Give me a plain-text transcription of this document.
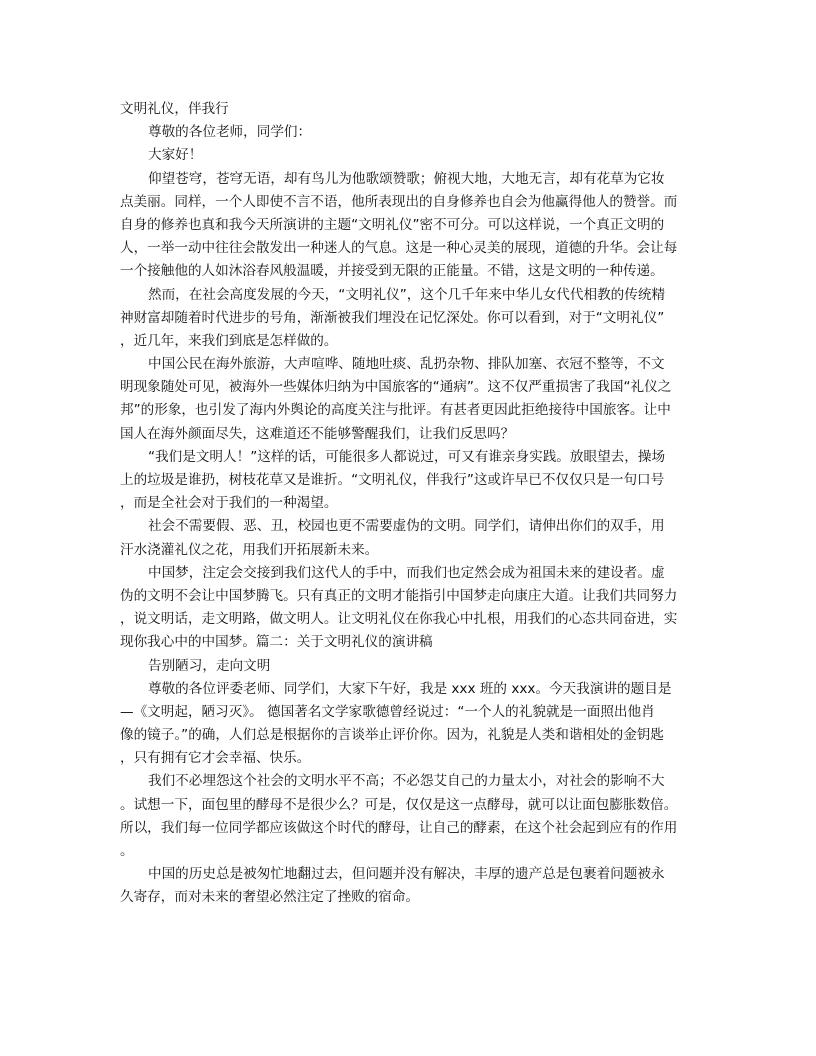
文明礼仪，伴我行
尊敬的各位老师，同学们：
大家好！
仰望苍穹，苍穹无语，却有鸟儿为他歌颂赞歌；俯视大地，大地无言，却有花草为它妆
点美丽。同样，一个人即使不言不语，他所表现出的自身修养也自会为他赢得他人的赞誉。而
自身的修养也真和我今天所演讲的主题“文明礼仪”密不可分。可以这样说，一个真正文明的
人，一举一动中往往会散发出一种迷人的气息。这是一种心灵美的展现，道德的升华。会让每
一个接触他的人如沐浴春风般温暖，并接受到无限的正能量。不错，这是文明的一种传递。
然而，在社会高度发展的今天，“文明礼仪”，这个几千年来中华儿女代代相教的传统精
神财富却随着时代进步的号角，渐渐被我们埋没在记忆深处。你可以看到，对于“文明礼仪”
，近几年，来我们到底是怎样做的。
中国公民在海外旅游，大声喧哗、随地吐痰、乱扔杂物、排队加塞、衣冠不整等，不文
明现象随处可见，被海外一些媒体归纳为中国旅客的“通病”。这不仅严重损害了我国“礼仪之
邦”的形象，也引发了海内外舆论的高度关注与批评。有甚者更因此拒绝接待中国旅客。让中
国人在海外颜面尽失，这难道还不能够警醒我们，让我们反思吗？
“我们是文明人！”这样的话，可能很多人都说过，可又有谁亲身实践。放眼望去，操场
上的垃圾是谁扔，树枝花草又是谁折。“文明礼仪，伴我行”这或许早已不仅仅只是一句口号
，而是全社会对于我们的一种渴望。
社会不需要假、恶、丑，校园也更不需要虚伪的文明。同学们，请伸出你们的双手，用
汗水浇灌礼仪之花，用我们开拓展新未来。
中国梦，注定会交接到我们这代人的手中，而我们也定然会成为祖国未来的建设者。虚
伪的文明不会让中国梦腾飞。只有真正的文明才能指引中国梦走向康庄大道。让我们共同努力
，说文明话，走文明路，做文明人。让文明礼仪在你我心中扎根，用我们的心态共同奋进，实
现你我心中的中国梦。篇二：关于文明礼仪的演讲稿
告别陋习，走向文明
尊敬的各位评委老师、同学们，大家下午好，我是 xxx 班的 xxx。今天我演讲的题目是
—《文明起，陋习灭》。 德国著名文学家歌德曾经说过：“一个人的礼貌就是一面照出他肖
像的镜子。”的确，人们总是根据你的言谈举止评价你。因为，礼貌是人类和谐相处的金钥匙
，只有拥有它才会幸福、快乐。
我们不必埋怨这个社会的文明水平不高；不必怨艾自己的力量太小，对社会的影响不大
。试想一下，面包里的酵母不是很少么？可是，仅仅是这一点酵母，就可以让面包膨胀数倍。
所以，我们每一位同学都应该做这个时代的酵母，让自己的酵素，在这个社会起到应有的作用
。
中国的历史总是被匆忙地翻过去，但问题并没有解决，丰厚的遗产总是包裹着问题被永
久寄存，而对未来的奢望必然注定了挫败的宿命。
